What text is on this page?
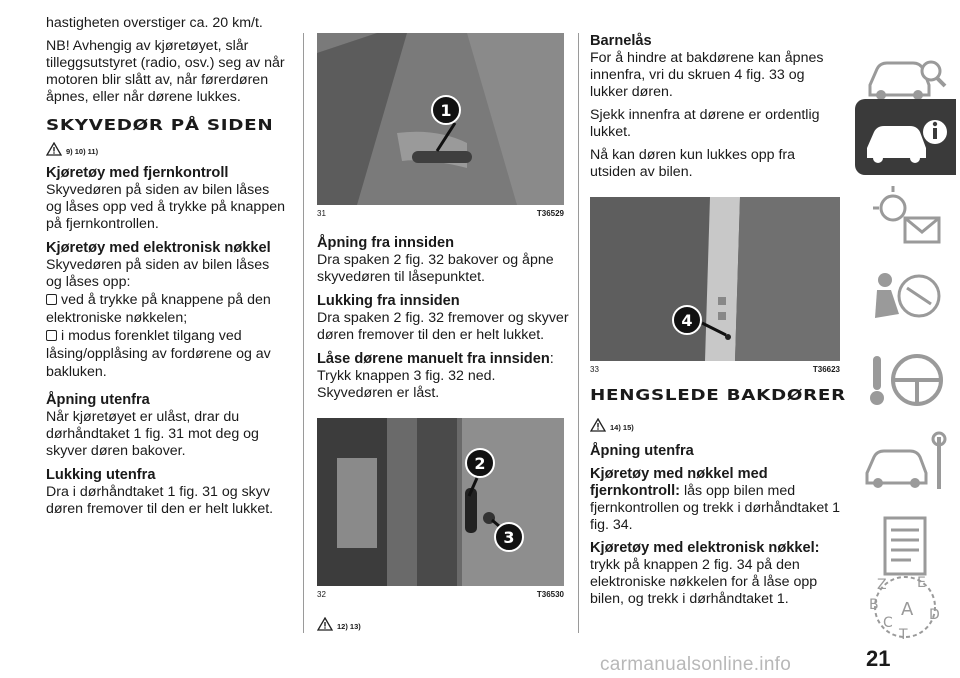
hastigheten overstiger ca. 20 km/t.

NB! Avhengig av kjøretøyet, slår tilleggsutstyret (radio, osv.) seg av når motoren blir slått av, når førerdøren åpnes, eller når dørene lukkes.

SKYVEDØR PÅ SIDEN
9) 10) 11)
Kjøretøy med fjernkontroll

Skyvedøren på siden av bilen låses og låses opp ved å trykke på knappen på fjernkontrollen.

Kjøretøy med elektronisk nøkkel

Skyvedøren på siden av bilen låses og låses opp:

ved å trykke på knappene på den elektroniske nøkkelen;

i modus forenklet tilgang ved låsing/opplåsing av fordørene og av bakluken.

Åpning utenfra

Når kjøretøyet er ulåst, drar du dørhåndtaket 1 fig. 31 mot deg og skyver døren bakover.

Lukking utenfra

Dra i dørhåndtaket 1 fig. 31 og skyv døren fremover til den er helt lukket.

1
31	T36529
Åpning fra innsiden

Dra spaken 2 fig. 32 bakover og åpne skyvedøren til låsepunktet.

Lukking fra innsiden

Dra spaken 2 fig. 32 fremover og skyver døren fremover til den er helt lukket.

Låse dørene manuelt fra innsiden:

Trykk knappen 3 fig. 32 ned. Skyvedøren er låst.

2
3
32	T36530
12) 13)
Barnelås

For å hindre at bakdørene kan åpnes innenfra, vri du skruen 4 fig. 33 og lukker døren.

Sjekk innenfra at dørene er ordentlig lukket.

Nå kan døren kun lukkes opp fra utsiden av bilen.

4
33	T36623
HENGSLEDE BAKDØRER
14) 15)
Åpning utenfra

Kjøretøy med nøkkel med fjernkontroll: lås opp bilen med fjernkontrollen og trekk i dørhåndtaket 1 fig. 34.

Kjøretøy med elektronisk nøkkel: trykk på knappen 2 fig. 34 på den elektroniske nøkkelen for å låse opp bilen, og trekk i dørhåndtaket 1.

Z E
B A
C	D
T
21
carmanualsonline.info
